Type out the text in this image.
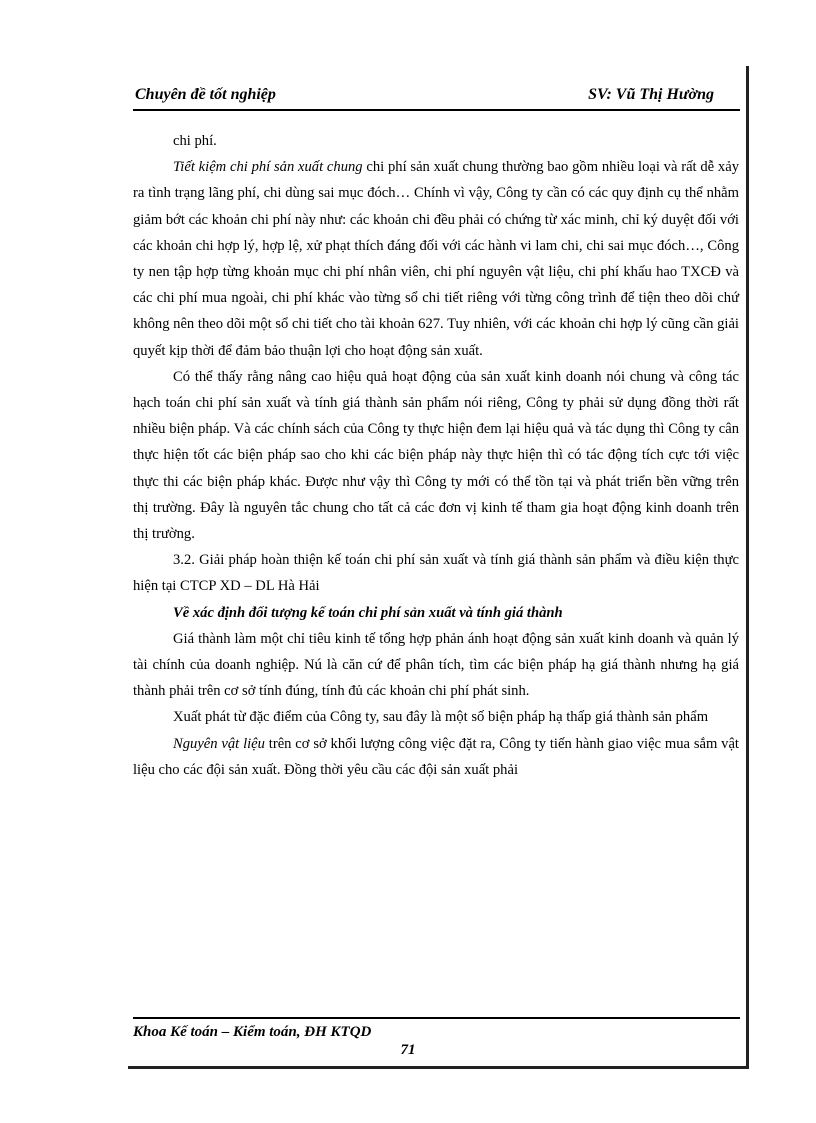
Chuyên đề tốt nghiệp	SV: Vũ Thị Hường

chi phí.

Tiết kiệm chi phí sản xuất chung chi phí sản xuất chung thường bao gồm nhiều loại và rất dễ xảy ra tình trạng lãng phí, chi dùng sai mục đóch… Chính vì vậy, Công ty cần có các quy định cụ thể nhằm giảm bớt các khoản chi phí này như: các khoản chi đều phải có chứng từ xác minh, chỉ ký duyệt đối với các khoản chi hợp lý, hợp lệ, xử phạt thích đáng đối với các hành vi lam chi, chi sai mục đóch…, Công ty nen tập hợp từng khoản mục chi phí nhân viên, chi phí nguyên vật liệu, chi phí khấu hao TXCĐ và các chi phí mua ngoài, chi phí khác vào từng sổ chi tiết riêng với từng công trình để tiện theo dõi chứ không nên theo dõi một sổ chi tiết cho tài khoản 627. Tuy nhiên, với các khoản chi hợp lý cũng cần giải quyết kịp thời để đảm bảo thuận lợi cho hoạt động sản xuất.

Có thể thấy rằng nâng cao hiệu quả hoạt động của sản xuất kinh doanh nói chung và công tác hạch toán chi phí sản xuất và tính giá thành sản phẩm nói riêng, Công ty phải sử dụng đồng thời rất nhiều biện pháp. Và các chính sách của Công ty thực hiện đem lại hiệu quả và tác dụng thì Công ty cân thực hiện tốt các biện pháp sao cho khi các biện pháp này thực hiện thì có tác động tích cực tới việc thực thi các biện pháp khác. Được như vậy thì Công ty mới có thể tồn tại và phát triển bền vững trên thị trường. Đây là nguyên tắc chung cho tất cả các đơn vị kinh tế tham gia hoạt động kinh doanh trên thị trường.

3.2. Giải pháp hoàn thiện kế toán chi phí sản xuất và tính giá thành sản phẩm và điều kiện thực hiện tại CTCP XD – DL Hà Hải

Về xác định đối tượng kế toán chi phí sản xuất và tính giá thành

Giá thành làm một chỉ tiêu kinh tế tổng hợp phản ánh hoạt động sản xuất kinh doanh và quản lý tài chính của doanh nghiệp. Nú là căn cứ để phân tích, tìm các biện pháp hạ giá thành nhưng hạ giá thành phải trên cơ sở tính đúng, tính đủ các khoản chi phí phát sinh.

Xuất phát từ đặc điểm của Công ty, sau đây là một số biện pháp hạ thấp giá thành sản phẩm

Nguyên vật liệu trên cơ sở khối lượng công việc đặt ra, Công ty tiến hành giao việc mua sắm vật liệu cho các đội sản xuất. Đồng thời yêu cầu các đội sản xuất phải

Khoa Kế toán – Kiểm toán, ĐH KTQD
71
